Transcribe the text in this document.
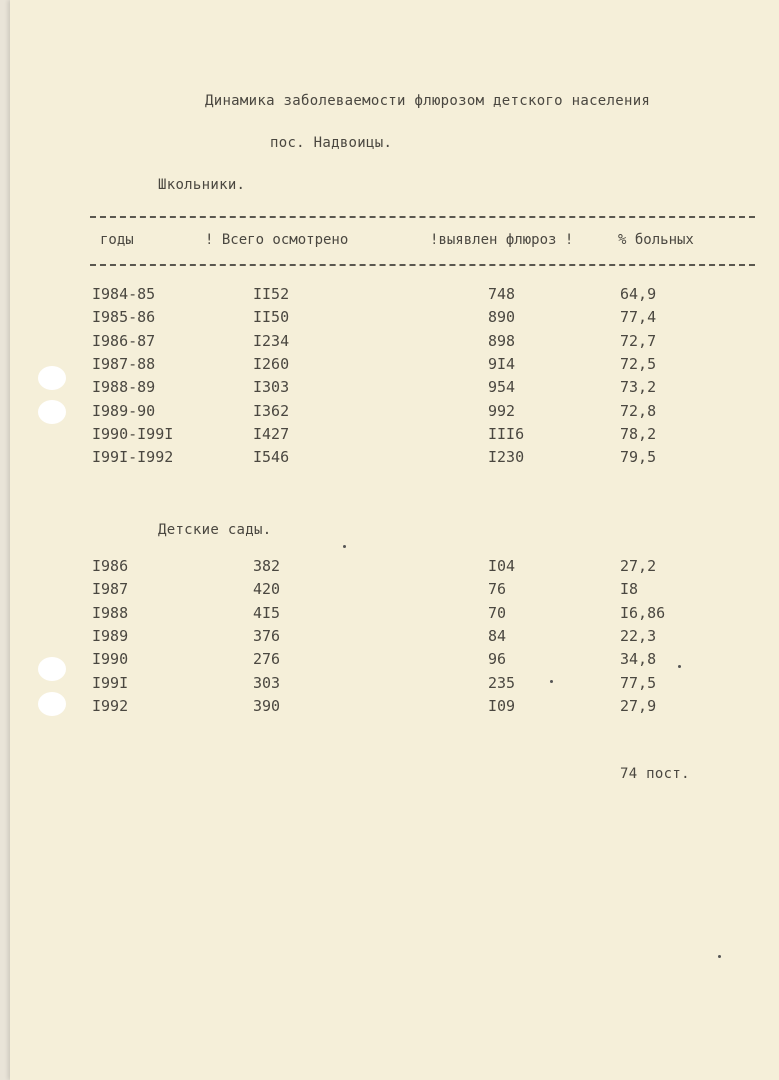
Динамика заболеваемости флюрозом детского населения
пос. Надвоицы.
Школьники.
годы	! Всего осмотрено	!выявлен флюроз !	% больных
I984-85	II52	748	64,9
I985-86	II50	890	77,4
I986-87	I234	898	72,7
I987-88	I260	9I4	72,5
I988-89	I303	954	73,2
I989-90	I362	992	72,8
I990-I99I	I427	III6	78,2
I99I-I992	I546	I230	79,5
Детские сады.
I986	382	I04	27,2
I987	420	76	I8
I988	4I5	70	I6,86
I989	376	84	22,3
I990	276	96	34,8
I99I	303	235	77,5
I992	390	I09	27,9
74 пост.
